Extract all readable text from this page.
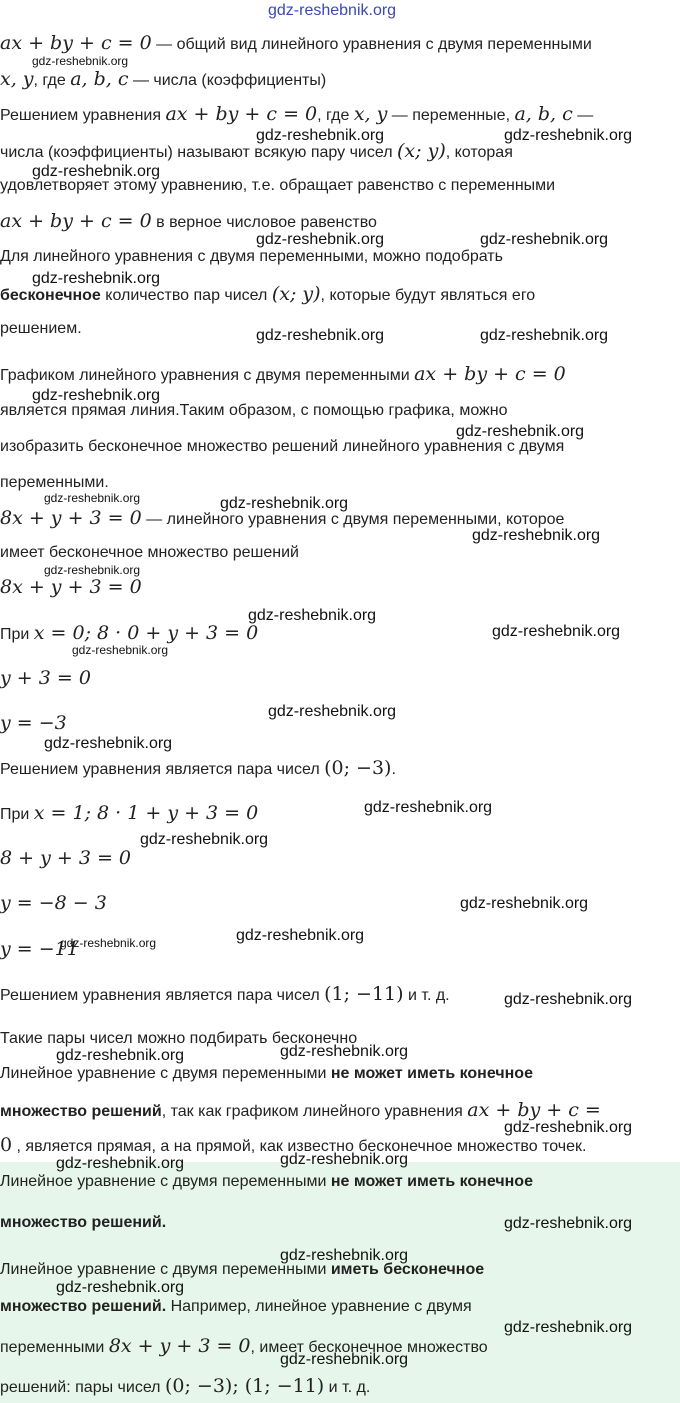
ax + by + c = 0 — общий вид линейного уравнения с двумя переменными
x, y, где a, b, c — числа (коэффициенты)
Решением уравнения ax + by + c = 0, где x, y — переменные, a, b, c —
числа (коэффициенты) называют всякую пару чисел (x; y), которая
удовлетворяет этому уравнению, т.е. обращает равенство с переменными
ax + by + c = 0 в верное числовое равенство
Для линейного уравнения с двумя переменными, можно подобрать
бесконечное количество пар чисел (x; y), которые будут являться его
решением.
Графиком линейного уравнения с двумя переменными ax + by + c = 0
является прямая линия.Таким образом, с помощью графика, можно
изобразить бесконечное множество решений линейного уравнения с двумя
переменными.
8x + y + 3 = 0 — линейного уравнения с двумя переменными, которое
имеет бесконечное множество решений
8x + y + 3 = 0
При x = 0; 8 · 0 + y + 3 = 0
y + 3 = 0
y = −3
Решением уравнения является пара чисел (0; −3).
При x = 1; 8 · 1 + y + 3 = 0
8 + y + 3 = 0
y = −8 − 3
y = −11
Решением уравнения является пара чисел (1; −11) и т. д.
Такие пары чисел можно подбирать бесконечно
Линейное уравнение с двумя переменными не может иметь конечное
множество решений, так как графиком линейного уравнения ax + by + c =
0 , является прямая, а на прямой, как известно бесконечное множество точек.
Линейное уравнение с двумя переменными не может иметь конечное
множество решений.
Линейное уравнение с двумя переменными иметь бесконечное
множество решений. Например, линейное уравнение с двумя
переменными 8x + y + 3 = 0, имеет бесконечное множество
решений: пары чисел (0; −3); (1; −11) и т. д.
gdz-reshebnik.org
gdz-reshebnik.org
gdz-reshebnik.org	gdz-reshebnik.org
gdz-reshebnik.org
gdz-reshebnik.org	gdz-reshebnik.org
gdz-reshebnik.org
gdz-reshebnik.org	gdz-reshebnik.org
gdz-reshebnik.org
gdz-reshebnik.org
gdz-reshebnik.org	gdz-reshebnik.org
gdz-reshebnik.org
gdz-reshebnik.org
gdz-reshebnik.org
gdz-reshebnik.org
gdz-reshebnik.org
gdz-reshebnik.org
gdz-reshebnik.org
gdz-reshebnik.org
gdz-reshebnik.org
gdz-reshebnik.org
gdz-reshebnik.org
gdz-reshebnik.org
gdz-reshebnik.org
gdz-reshebnik.org	gdz-reshebnik.org
gdz-reshebnik.org
gdz-reshebnik.org	gdz-reshebnik.org
gdz-reshebnik.org
gdz-reshebnik.org
gdz-reshebnik.org
gdz-reshebnik.org
gdz-reshebnik.org
